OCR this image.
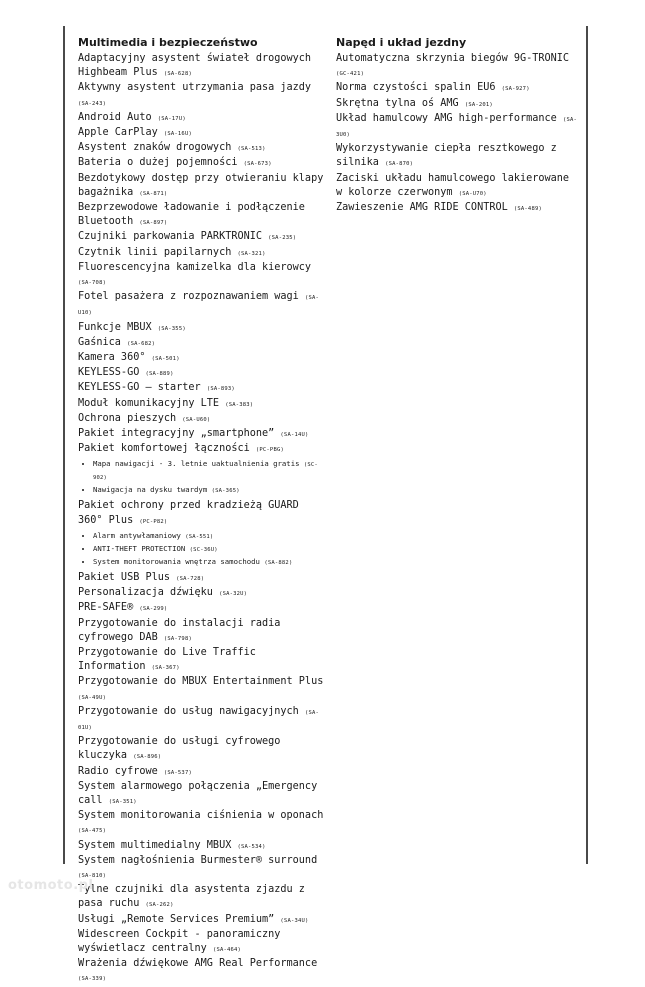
Multimedia i bezpieczeństwo
Adaptacyjny asystent świateł drogowych Highbeam Plus (SA-628)
Aktywny asystent utrzymania pasa jazdy (SA-243)
Android Auto (SA-17U)
Apple CarPlay (SA-16U)
Asystent znaków drogowych (SA-513)
Bateria o dużej pojemności (SA-673)
Bezdotykowy dostęp przy otwieraniu klapy bagażnika (SA-871)
Bezprzewodowe ładowanie i podłączenie Bluetooth (SA-897)
Czujniki parkowania PARKTRONIC (SA-235)
Czytnik linii papilarnych (SA-321)
Fluorescencyjna kamizelka dla kierowcy (SA-708)
Fotel pasażera z rozpoznawaniem wagi (SA-U10)
Funkcje MBUX (SA-355)
Gaśnica (SA-682)
Kamera 360° (SA-501)
KEYLESS-GO (SA-889)
KEYLESS-GO – starter (SA-893)
Moduł komunikacyjny LTE (SA-383)
Ochrona pieszych (SA-U60)
Pakiet integracyjny „smartphone” (SA-14U)
Pakiet komfortowej łączności (PC-PBG)
• Mapa nawigacji - 3. letnie uaktualnienia gratis (SC-902)
• Nawigacja na dysku twardym (SA-365)
Pakiet ochrony przed kradzieżą GUARD 360° Plus (PC-P82)
• Alarm antywłamaniowy (SA-551)
• ANTI-THEFT PROTECTION (SC-36U)
• System monitorowania wnętrza samochodu (SA-882)
Pakiet USB Plus (SA-728)
Personalizacja dźwięku (SA-32U)
PRE-SAFE® (SA-299)
Przygotowanie do instalacji radia cyfrowego DAB (SA-798)
Przygotowanie do Live Traffic Information (SA-367)
Przygotowanie do MBUX Entertainment Plus (SA-49U)
Przygotowanie do usług nawigacyjnych (SA-01U)
Przygotowanie do usługi cyfrowego kluczyka (SA-896)
Radio cyfrowe (SA-537)
System alarmowego połączenia „Emergency call (SA-351)
System monitorowania ciśnienia w oponach (SA-475)
System multimedialny MBUX (SA-534)
System nagłośnienia Burmester® surround (SA-810)
Tylne czujniki dla asystenta zjazdu z pasa ruchu (SA-262)
Usługi „Remote Services Premium” (SA-34U)
Widescreen Cockpit - panoramiczny wyświetlacz centralny (SA-464)
Wrażenia dźwiękowe AMG Real Performance (SA-339)
Napęd i układ jezdny
Automatyczna skrzynia biegów 9G-TRONIC (GC-421)
Norma czystości spalin EU6 (SA-927)
Skrętna tylna oś AMG (SA-201)
Układ hamulcowy AMG high-performance (SA-3U0)
Wykorzystywanie ciepła resztkowego z silnika (SA-870)
Zaciski układu hamulcowego lakierowane w kolorze czerwonym (SA-U70)
Zawieszenie AMG RIDE CONTROL (SA-489)
otomoto.pl
